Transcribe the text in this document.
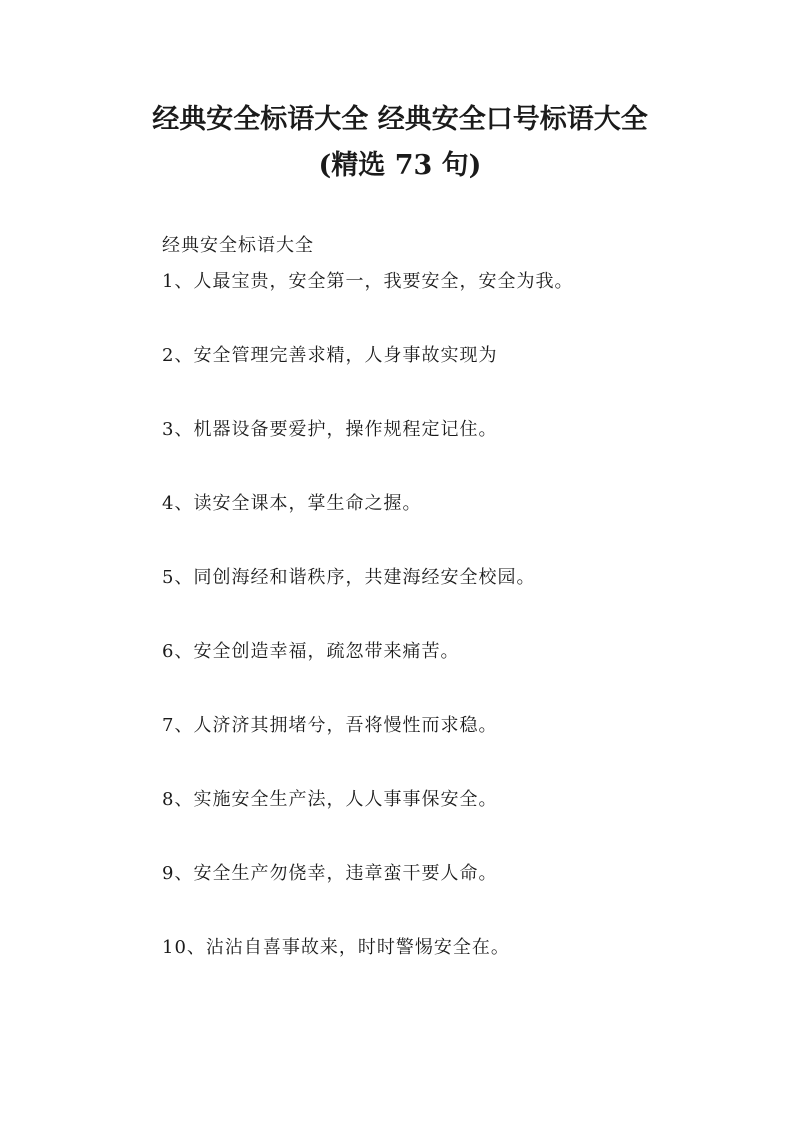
经典安全标语大全 经典安全口号标语大全
(精选 73 句)

经典安全标语大全

1、人最宝贵，安全第一，我要安全，安全为我。
2、安全管理完善求精，人身事故实现为
3、机器设备要爱护，操作规程定记住。
4、读安全课本，掌生命之握。
5、同创海经和谐秩序，共建海经安全校园。
6、安全创造幸福，疏忽带来痛苦。
7、人济济其拥堵兮，吾将慢性而求稳。
8、实施安全生产法，人人事事保安全。
9、安全生产勿侥幸，违章蛮干要人命。
10、沾沾自喜事故来，时时警惕安全在。
